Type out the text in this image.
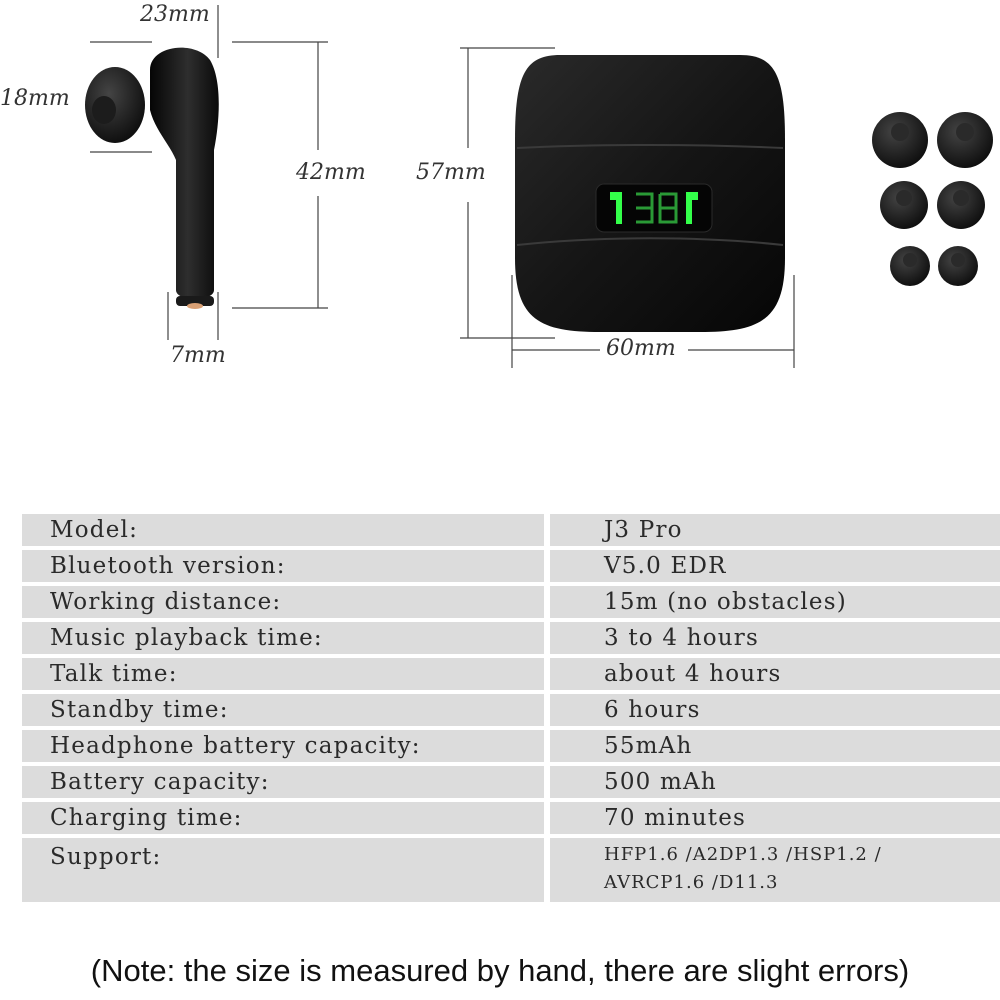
23mm
18mm
42mm
7mm
57mm
60mm
Model:	J3 Pro
Bluetooth version:	V5.0 EDR
Working distance:	15m (no obstacles)
Music playback time:	3 to 4 hours
Talk time:	about 4 hours
Standby time:	6 hours
Headphone battery capacity:	55mAh
Battery capacity:	500 mAh
Charging time:	70 minutes
Support:	HFP1.6 /A2DP1.3 /HSP1.2 /
AVRCP1.6 /D11.3
(Note: the size is measured by hand, there are slight errors)
